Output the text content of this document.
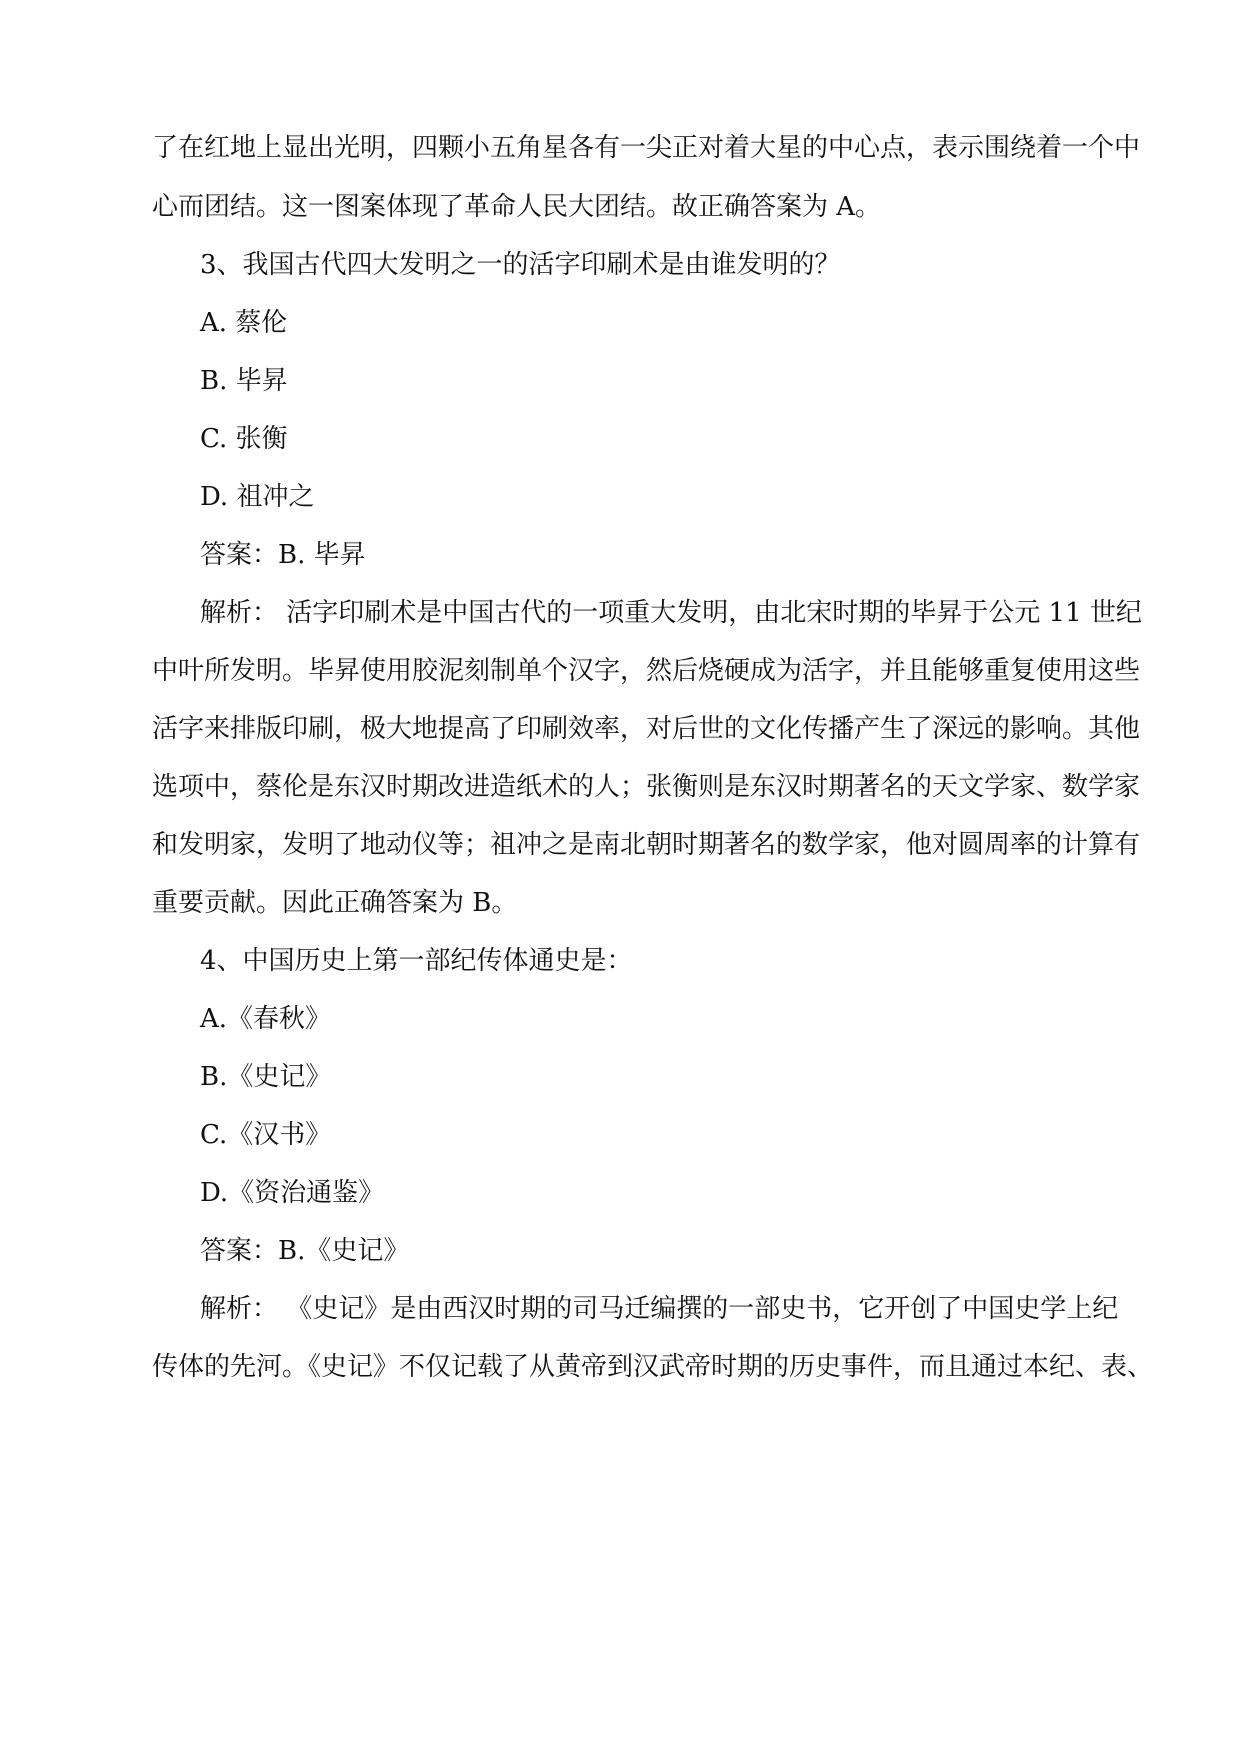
了在红地上显出光明，四颗小五角星各有一尖正对着大星的中心点，表示围绕着一个中
心而团结。这一图案体现了革命人民大团结。故正确答案为 A。
3、我国古代四大发明之一的活字印刷术是由谁发明的？
A. 蔡伦
B. 毕昇
C. 张衡
D. 祖冲之
答案：B. 毕昇
解析： 活字印刷术是中国古代的一项重大发明，由北宋时期的毕昇于公元 11 世纪
中叶所发明。毕昇使用胶泥刻制单个汉字，然后烧硬成为活字，并且能够重复使用这些
活字来排版印刷，极大地提高了印刷效率，对后世的文化传播产生了深远的影响。其他
选项中，蔡伦是东汉时期改进造纸术的人；张衡则是东汉时期著名的天文学家、数学家
和发明家，发明了地动仪等；祖冲之是南北朝时期著名的数学家，他对圆周率的计算有
重要贡献。因此正确答案为 B。
4、中国历史上第一部纪传体通史是：
A.《春秋》
B.《史记》
C.《汉书》
D.《资治通鉴》
答案：B.《史记》
解析： 《史记》是由西汉时期的司马迁编撰的一部史书，它开创了中国史学上纪
传体的先河。《史记》不仅记载了从黄帝到汉武帝时期的历史事件，而且通过本纪、表、
